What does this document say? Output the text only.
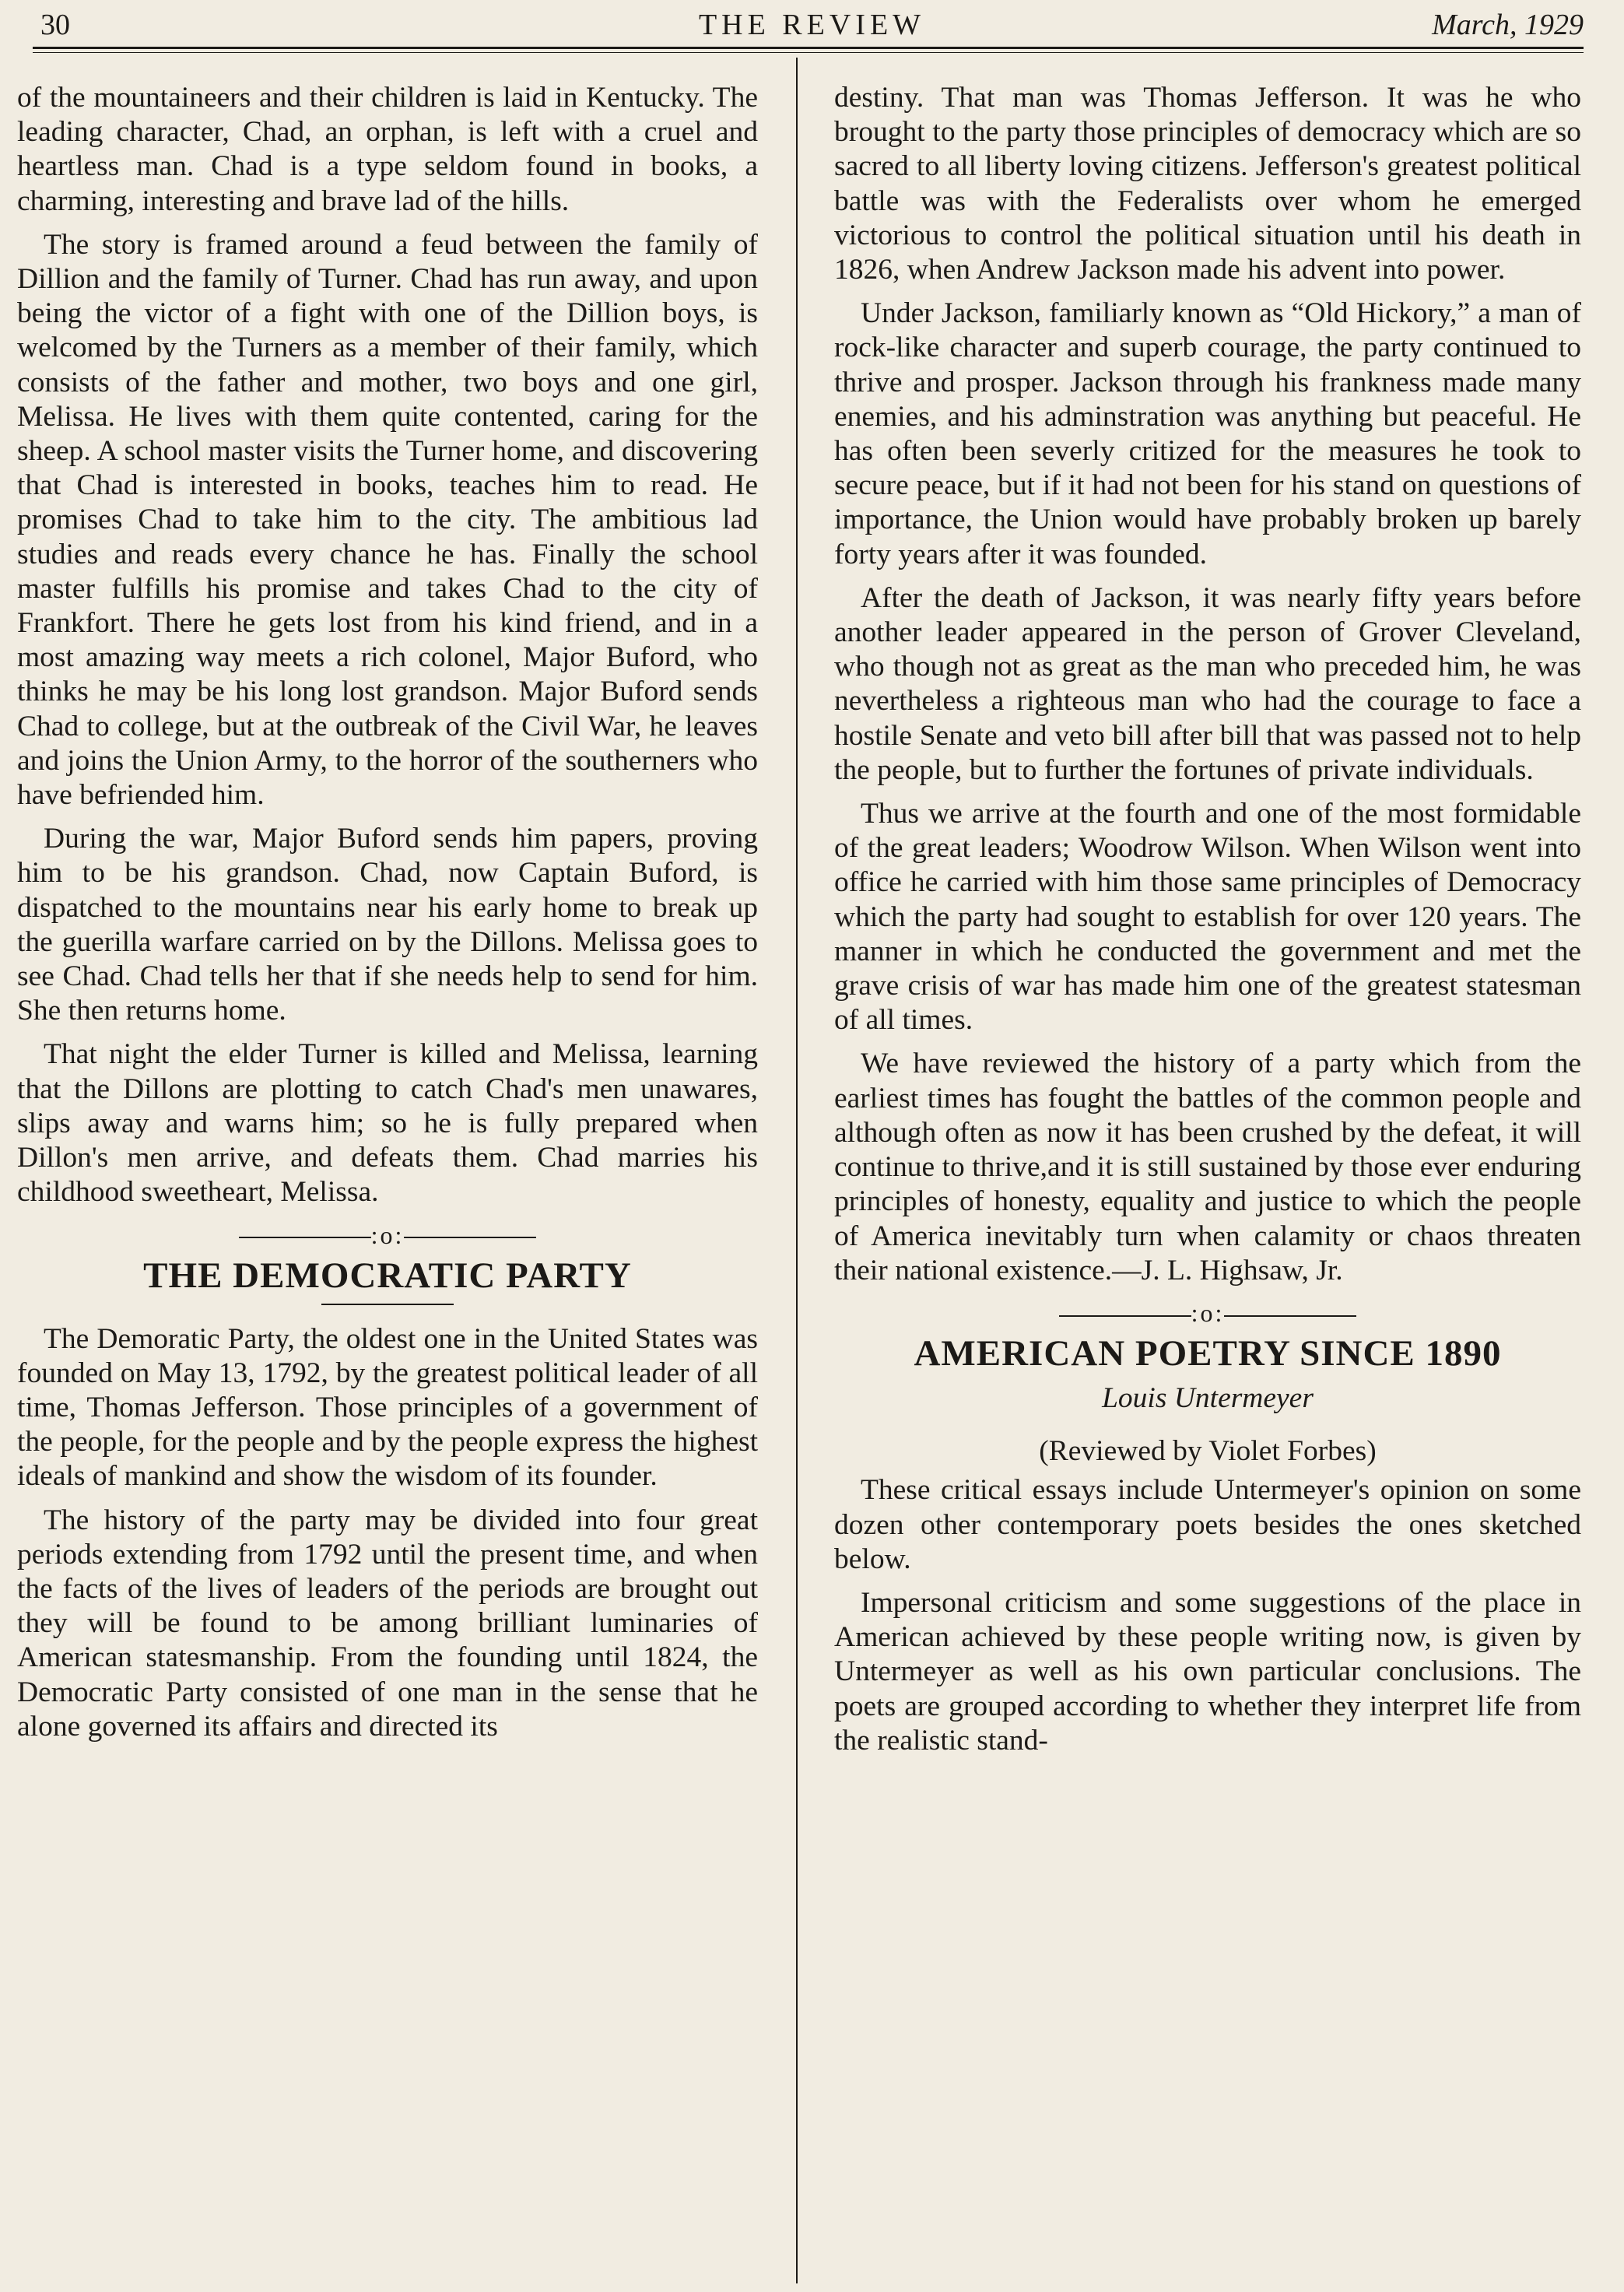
30	THE REVIEW	March, 1929

of the mountaineers and their children is laid in Kentucky. The leading character, Chad, an orphan, is left with a cruel and heartless man. Chad is a type seldom found in books, a charming, interesting and brave lad of the hills.

The story is framed around a feud between the family of Dillion and the family of Turner. Chad has run away, and upon being the victor of a fight with one of the Dillion boys, is welcomed by the Turners as a member of their family, which consists of the father and mother, two boys and one girl, Melissa. He lives with them quite contented, caring for the sheep. A school master visits the Turner home, and discovering that Chad is interested in books, teaches him to read. He promises Chad to take him to the city. The ambitious lad studies and reads every chance he has. Finally the school master fulfills his promise and takes Chad to the city of Frankfort. There he gets lost from his kind friend, and in a most amazing way meets a rich colonel, Major Buford, who thinks he may be his long lost grandson. Major Buford sends Chad to college, but at the outbreak of the Civil War, he leaves and joins the Union Army, to the horror of the southerners who have befriended him.

During the war, Major Buford sends him papers, proving him to be his grandson. Chad, now Captain Buford, is dispatched to the mountains near his early home to break up the guerilla warfare carried on by the Dillons. Melissa goes to see Chad. Chad tells her that if she needs help to send for him. She then returns home.

That night the elder Turner is killed and Melissa, learning that the Dillons are plotting to catch Chad's men unawares, slips away and warns him; so he is fully prepared when Dillon's men arrive, and defeats them. Chad marries his childhood sweetheart, Melissa.

:o:
THE DEMOCRATIC PARTY

The Demoratic Party, the oldest one in the United States was founded on May 13, 1792, by the greatest political leader of all time, Thomas Jefferson. Those principles of a government of the people, for the people and by the people express the highest ideals of mankind and show the wisdom of its founder.

The history of the party may be divided into four great periods extending from 1792 until the present time, and when the facts of the lives of leaders of the periods are brought out they will be found to be among brilliant luminaries of American statesmanship. From the founding until 1824, the Democratic Party consisted of one man in the sense that he alone governed its affairs and directed its

destiny. That man was Thomas Jefferson. It was he who brought to the party those principles of democracy which are so sacred to all liberty loving citizens. Jefferson's greatest political battle was with the Federalists over whom he emerged victorious to control the political situation until his death in 1826, when Andrew Jackson made his advent into power.

Under Jackson, familiarly known as “Old Hickory,” a man of rock-like character and superb courage, the party continued to thrive and prosper. Jackson through his frankness made many enemies, and his adminstration was anything but peaceful. He has often been severly critized for the measures he took to secure peace, but if it had not been for his stand on questions of importance, the Union would have probably broken up barely forty years after it was founded.

After the death of Jackson, it was nearly fifty years before another leader appeared in the person of Grover Cleveland, who though not as great as the man who preceded him, he was nevertheless a righteous man who had the courage to face a hostile Senate and veto bill after bill that was passed not to help the people, but to further the fortunes of private individuals.

Thus we arrive at the fourth and one of the most formidable of the great leaders; Woodrow Wilson. When Wilson went into office he carried with him those same principles of Democracy which the party had sought to establish for over 120 years. The manner in which he conducted the government and met the grave crisis of war has made him one of the greatest statesman of all times.

We have reviewed the history of a party which from the earliest times has fought the battles of the common people and although often as now it has been crushed by the defeat, it will continue to thrive,and it is still sustained by those ever enduring principles of honesty, equality and justice to which the people of America inevitably turn when calamity or chaos threaten their national existence.—J. L. Highsaw, Jr.

:o:
AMERICAN POETRY SINCE 1890
Louis Untermeyer
(Reviewed by Violet Forbes)

These critical essays include Untermeyer's opinion on some dozen other contemporary poets besides the ones sketched below.

Impersonal criticism and some suggestions of the place in American achieved by these people writing now, is given by Untermeyer as well as his own particular conclusions. The poets are grouped according to whether they interpret life from the realistic stand-
